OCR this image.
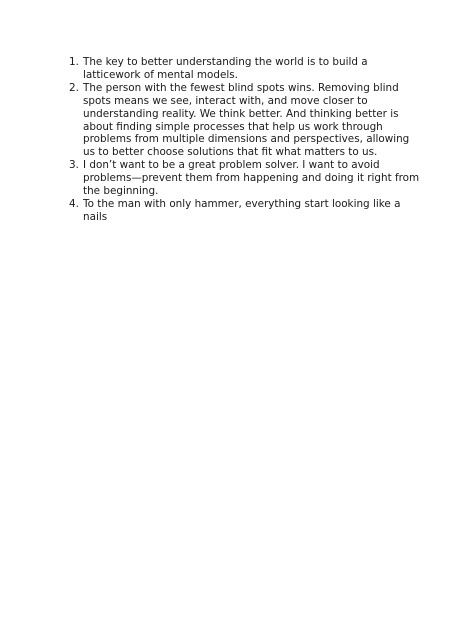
1. The key to better understanding the world is to build a latticework of mental models.
2. The person with the fewest blind spots wins. Removing blind spots means we see, interact with, and move closer to understanding reality. We think better. And thinking better is about finding simple processes that help us work through problems from multiple dimensions and perspectives, allowing us to better choose solutions that fit what matters to us.
3. I don’t want to be a great problem solver. I want to avoid problems—prevent them from happening and doing it right from the beginning.
4. To the man with only hammer, everything start looking like a nails
